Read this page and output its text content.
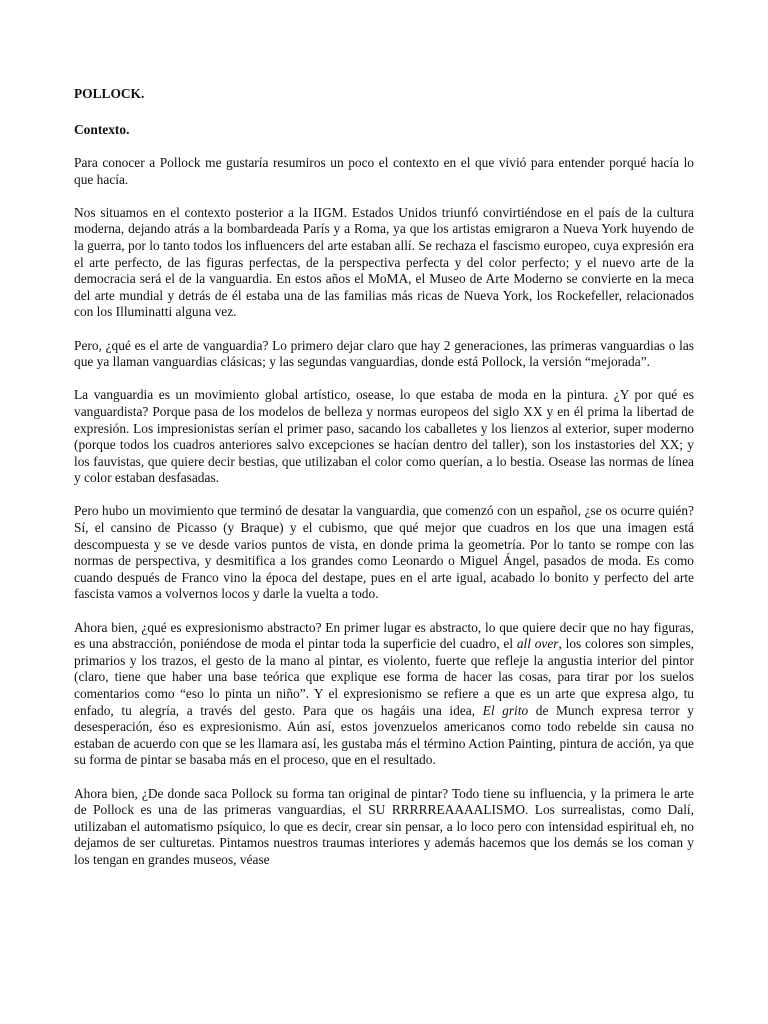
POLLOCK.

Contexto.

Para conocer a Pollock me gustaría resumiros un poco el contexto en el que vivió para entender porqué hacía lo que hacía.

Nos situamos en el contexto posterior a la IIGM. Estados Unidos triunfó convirtiéndose en el país de la cultura moderna, dejando atrás a la bombardeada París y a Roma, ya que los artistas emigraron a Nueva York huyendo de la guerra, por lo tanto todos los influencers del arte estaban allí. Se rechaza el fascismo europeo, cuya expresión era el arte perfecto, de las figuras perfectas, de la perspectiva perfecta y del color perfecto; y el nuevo arte de la democracia será el de la vanguardia. En estos años el MoMA, el Museo de Arte Moderno se convierte en la meca del arte mundial y detrás de él estaba una de las familias más ricas de Nueva York, los Rockefeller, relacionados con los Illuminatti alguna vez.

Pero, ¿qué es el arte de vanguardia? Lo primero dejar claro que hay 2 generaciones, las primeras vanguardias o las que ya llaman vanguardias clásicas; y las segundas vanguardias, donde está Pollock, la versión “mejorada”.

La vanguardia es un movimiento global artístico, osease, lo que estaba de moda en la pintura. ¿Y por qué es vanguardista? Porque pasa de los modelos de belleza y normas europeos del siglo XX y en él prima la libertad de expresión. Los impresionistas serían el primer paso, sacando los caballetes y los lienzos al exterior, super moderno (porque todos los cuadros anteriores salvo excepciones se hacían dentro del taller), son los instastories del XX; y los fauvistas, que quiere decir bestias, que utilizaban el color como querían, a lo bestia. Osease las normas de línea y color estaban desfasadas.

Pero hubo un movimiento que terminó de desatar la vanguardia, que comenzó con un español, ¿se os ocurre quién? Sí, el cansino de Picasso (y Braque) y el cubismo, que qué mejor que cuadros en los que una imagen está descompuesta y se ve desde varios puntos de vista, en donde prima la geometría. Por lo tanto se rompe con las normas de perspectiva, y desmitifica a los grandes como Leonardo o Miguel Ángel, pasados de moda. Es como cuando después de Franco vino la época del destape, pues en el arte igual, acabado lo bonito y perfecto del arte fascista vamos a volvernos locos y darle la vuelta a todo.

Ahora bien, ¿qué es expresionismo abstracto? En primer lugar es abstracto, lo que quiere decir que no hay figuras, es una abstracción, poniéndose de moda el pintar toda la superficie del cuadro, el all over, los colores son simples, primarios y los trazos, el gesto de la mano al pintar, es violento, fuerte que refleje la angustia interior del pintor (claro, tiene que haber una base teórica que explique ese forma de hacer las cosas, para tirar por los suelos comentarios como “eso lo pinta un niño”. Y el expresionismo se refiere a que es un arte que expresa algo, tu enfado, tu alegría, a través del gesto. Para que os hagáis una idea, El grito de Munch expresa terror y desesperación, éso es expresionismo. Aún así, estos jovenzuelos americanos como todo rebelde sin causa no estaban de acuerdo con que se les llamara así, les gustaba más el término Action Painting, pintura de acción, ya que su forma de pintar se basaba más en el proceso, que en el resultado.

Ahora bien, ¿De donde saca Pollock su forma tan original de pintar? Todo tiene su influencia, y la primera le arte de Pollock es una de las primeras vanguardias, el SU RRRRREAAAALISMO. Los surrealistas, como Dalí, utilizaban el automatismo psíquico, lo que es decir, crear sin pensar, a lo loco pero con intensidad espiritual eh, no dejamos de ser culturetas. Pintamos nuestros traumas interiores y además hacemos que los demás se los coman y los tengan en grandes museos, véase
